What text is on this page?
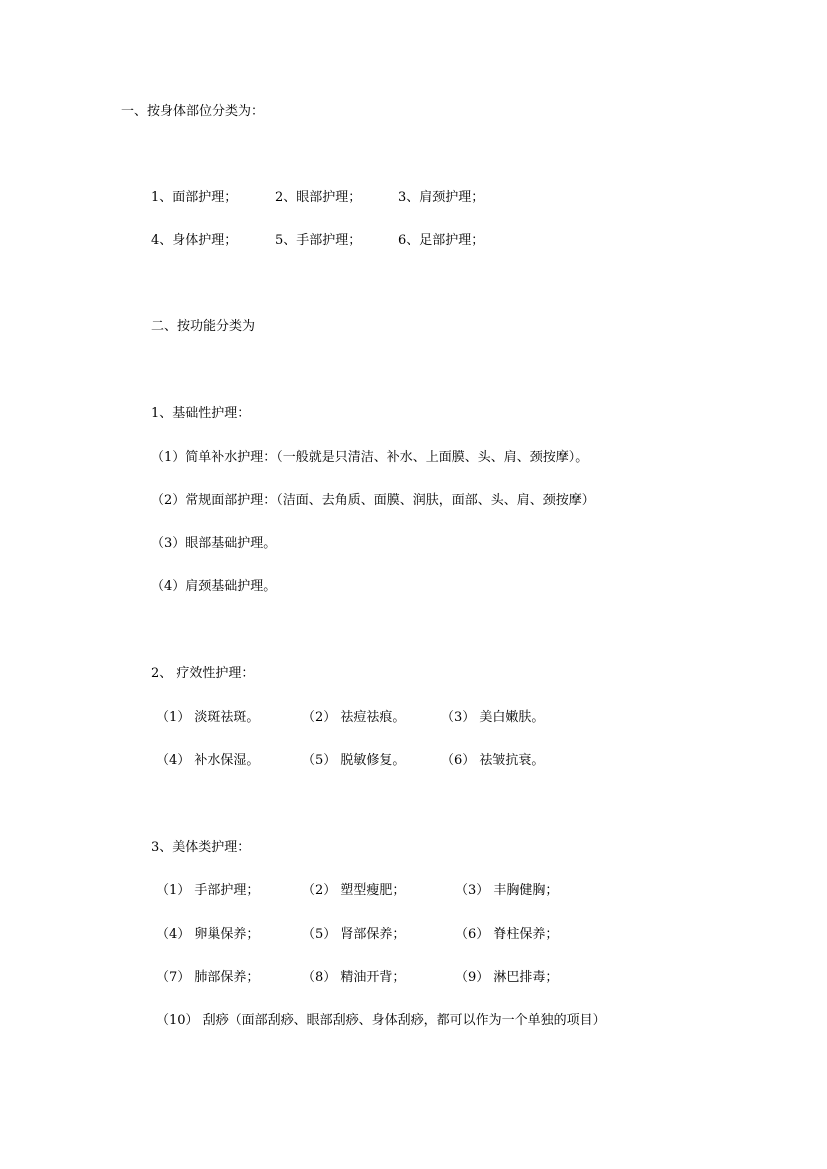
一、按身体部位分类为：
1、面部护理；	2、眼部护理；	3、肩颈护理；
4、身体护理；	5、手部护理；	6、足部护理；
二、按功能分类为
1、基础性护理：
（1）简单补水护理：（一般就是只清洁、补水、上面膜、头、肩、颈按摩）。
（2）常规面部护理：（洁面、去角质、面膜、润肤，面部、头、肩、颈按摩）
（3）眼部基础护理。
（4）肩颈基础护理。
2、 疗效性护理：
（1） 淡斑祛斑。	（2） 祛痘祛痕。	（3） 美白嫩肤。
（4） 补水保湿。	（5） 脱敏修复。	（6） 祛皱抗衰。
3、美体类护理：
（1） 手部护理；	（2） 塑型瘦肥；	（3） 丰胸健胸；
（4） 卵巢保养；	（5） 肾部保养；	（6） 脊柱保养；
（7） 肺部保养；	（8） 精油开背；	（9） 淋巴排毒；
（10） 刮痧（面部刮痧、眼部刮痧、身体刮痧，都可以作为一个单独的项目）
